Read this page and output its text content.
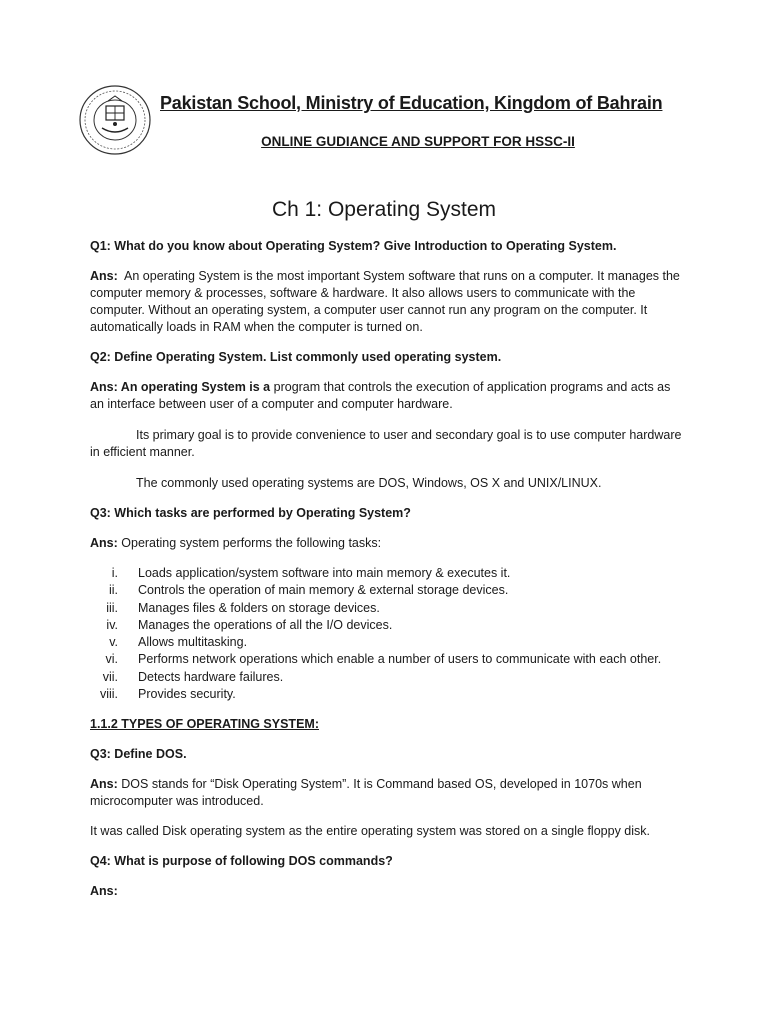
Pakistan School, Ministry of Education, Kingdom of Bahrain
ONLINE GUDIANCE AND SUPPORT FOR HSSC-II
Ch 1: Operating System

Q1: What do you know about Operating System? Give Introduction to Operating System.

Ans: An operating System is the most important System software that runs on a computer. It manages the computer memory & processes, software & hardware. It also allows users to communicate with the computer. Without an operating system, a computer user cannot run any program on the computer. It automatically loads in RAM when the computer is turned on.

Q2: Define Operating System. List commonly used operating system.

Ans: An operating System is a program that controls the execution of application programs and acts as an interface between user of a computer and computer hardware.

Its primary goal is to provide convenience to user and secondary goal is to use computer hardware in efficient manner.

The commonly used operating systems are DOS, Windows, OS X and UNIX/LINUX.

Q3: Which tasks are performed by Operating System?

Ans: Operating system performs the following tasks:

i. Loads application/system software into main memory & executes it.
ii. Controls the operation of main memory & external storage devices.
iii. Manages files & folders on storage devices.
iv. Manages the operations of all the I/O devices.
v. Allows multitasking.
vi. Performs network operations which enable a number of users to communicate with each other.
vii. Detects hardware failures.
viii. Provides security.

1.1.2 TYPES OF OPERATING SYSTEM:

Q3: Define DOS.

Ans: DOS stands for “Disk Operating System”. It is Command based OS, developed in 1070s when microcomputer was introduced.

It was called Disk operating system as the entire operating system was stored on a single floppy disk.

Q4: What is purpose of following DOS commands?

Ans:
